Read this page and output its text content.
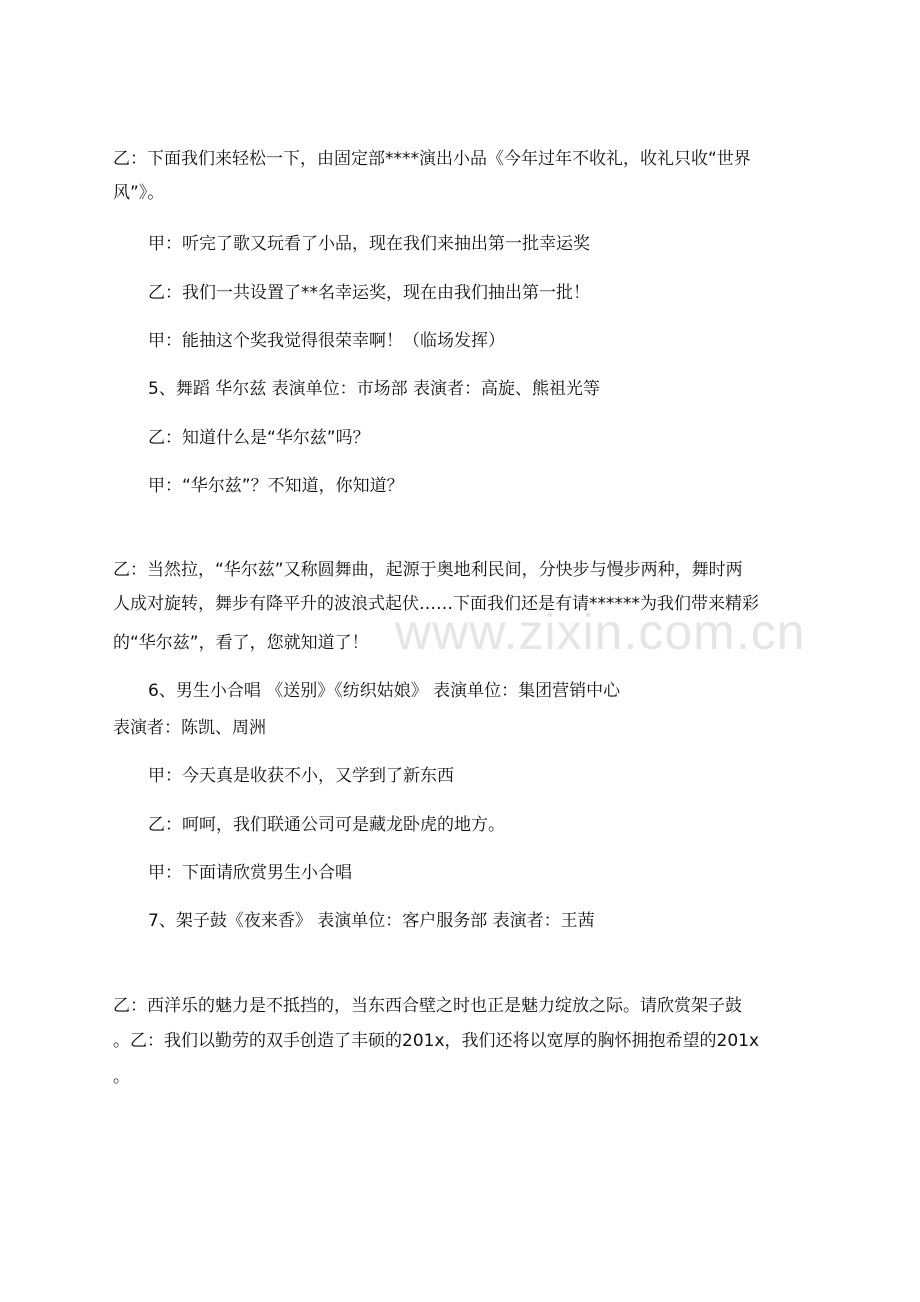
www.zixin.com.cn

乙：下面我们来轻松一下，由固定部****演出小品《今年过年不收礼，收礼只收“世界

风”》。

甲：听完了歌又玩看了小品，现在我们来抽出第一批幸运奖

乙：我们一共设置了**名幸运奖，现在由我们抽出第一批！

甲：能抽这个奖我觉得很荣幸啊！（临场发挥）

5、舞蹈 华尔兹 表演单位：市场部 表演者：高旋、熊祖光等

乙：知道什么是“华尔兹”吗？

甲：“华尔兹”？不知道，你知道？

乙：当然拉，“华尔兹”又称圆舞曲，起源于奥地利民间，分快步与慢步两种，舞时两

人成对旋转，舞步有降平升的波浪式起伏……下面我们还是有请******为我们带来精彩

的“华尔兹”，看了，您就知道了！

6、男生小合唱 《送别》《纺织姑娘》 表演单位：集团营销中心

表演者：陈凯、周洲

甲：今天真是收获不小，又学到了新东西

乙：呵呵，我们联通公司可是藏龙卧虎的地方。

甲：下面请欣赏男生小合唱

7、架子鼓《夜来香》 表演单位：客户服务部 表演者：王茜

乙：西洋乐的魅力是不抵挡的，当东西合壁之时也正是魅力绽放之际。请欣赏架子鼓

。乙：我们以勤劳的双手创造了丰硕的201x，我们还将以宽厚的胸怀拥抱希望的201x

。
